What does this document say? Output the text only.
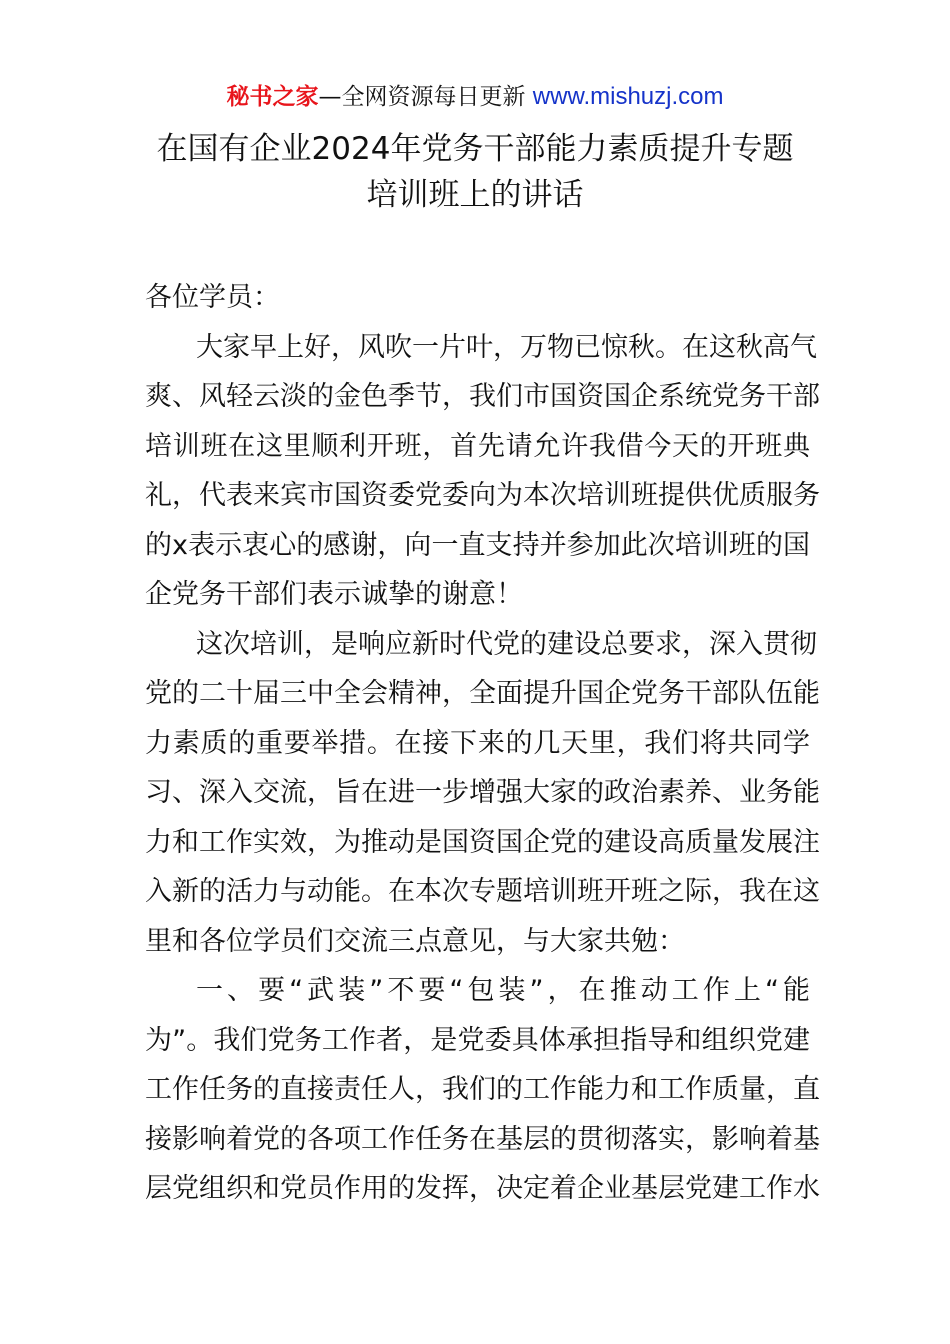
秘书之家—全网资源每日更新 www.mishuzj.com
在国有企业2024年党务干部能力素质提升专题
培训班上的讲话
各位学员：
大家早上好，风吹一片叶，万物已惊秋。在这秋高气
爽、风轻云淡的金色季节，我们市国资国企系统党务干部
培训班在这里顺利开班，首先请允许我借今天的开班典
礼，代表来宾市国资委党委向为本次培训班提供优质服务
的x表示衷心的感谢，向一直支持并参加此次培训班的国
企党务干部们表示诚挚的谢意！
这次培训，是响应新时代党的建设总要求，深入贯彻
党的二十届三中全会精神，全面提升国企党务干部队伍能
力素质的重要举措。在接下来的几天里，我们将共同学
习、深入交流，旨在进一步增强大家的政治素养、业务能
力和工作实效，为推动是国资国企党的建设高质量发展注
入新的活力与动能。在本次专题培训班开班之际，我在这
里和各位学员们交流三点意见，与大家共勉：
一、要“武装”不要“包装”，在推动工作上“能
为”。我们党务工作者，是党委具体承担指导和组织党建
工作任务的直接责任人，我们的工作能力和工作质量，直
接影响着党的各项工作任务在基层的贯彻落实，影响着基
层党组织和党员作用的发挥，决定着企业基层党建工作水
